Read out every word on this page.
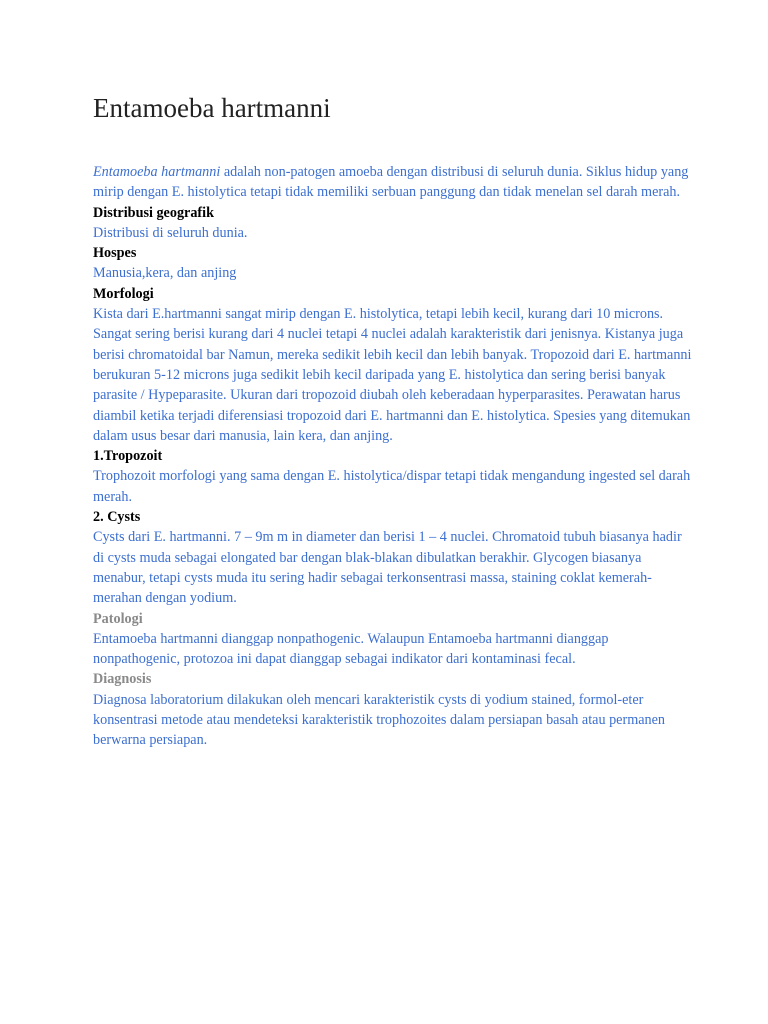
Entamoeba hartmanni

Entamoeba hartmanni adalah non-patogen amoeba dengan distribusi di seluruh dunia. Siklus hidup yang mirip dengan E. histolytica tetapi tidak memiliki serbuan panggung dan tidak menelan sel darah merah.

Distribusi geografik

Distribusi di seluruh dunia.

Hospes

Manusia,kera, dan anjing

Morfologi

Kista dari E.hartmanni sangat mirip dengan E. histolytica, tetapi lebih kecil, kurang dari 10 microns. Sangat sering berisi kurang dari 4 nuclei tetapi 4 nuclei adalah karakteristik dari jenisnya. Kistanya juga berisi chromatoidal bar Namun, mereka sedikit lebih kecil dan lebih banyak. Tropozoid dari E. hartmanni berukuran 5-12 microns juga sedikit lebih kecil daripada yang E. histolytica dan sering berisi banyak parasite / Hypeparasite. Ukuran dari tropozoid diubah oleh keberadaan hyperparasites. Perawatan harus diambil ketika terjadi diferensiasi tropozoid dari E. hartmanni dan E. histolytica. Spesies yang ditemukan dalam usus besar dari manusia, lain kera, dan anjing.

1.Tropozoit

Trophozoit morfologi yang sama dengan E. histolytica/dispar tetapi tidak mengandung ingested sel darah merah.

2. Cysts

Cysts dari E. hartmanni. 7 – 9m m in diameter dan berisi 1 – 4 nuclei. Chromatoid tubuh biasanya hadir di cysts muda sebagai elongated bar dengan blak-blakan dibulatkan berakhir. Glycogen biasanya menabur, tetapi cysts muda itu sering hadir sebagai terkonsentrasi massa, staining coklat kemerah-merahan dengan yodium.

Patologi

Entamoeba hartmanni dianggap nonpathogenic. Walaupun Entamoeba hartmanni dianggap nonpathogenic, protozoa ini dapat dianggap sebagai indikator dari kontaminasi fecal.

Diagnosis

Diagnosa laboratorium dilakukan oleh mencari karakteristik cysts di yodium stained, formol-eter konsentrasi metode atau mendeteksi karakteristik trophozoites dalam persiapan basah atau permanen berwarna persiapan.
